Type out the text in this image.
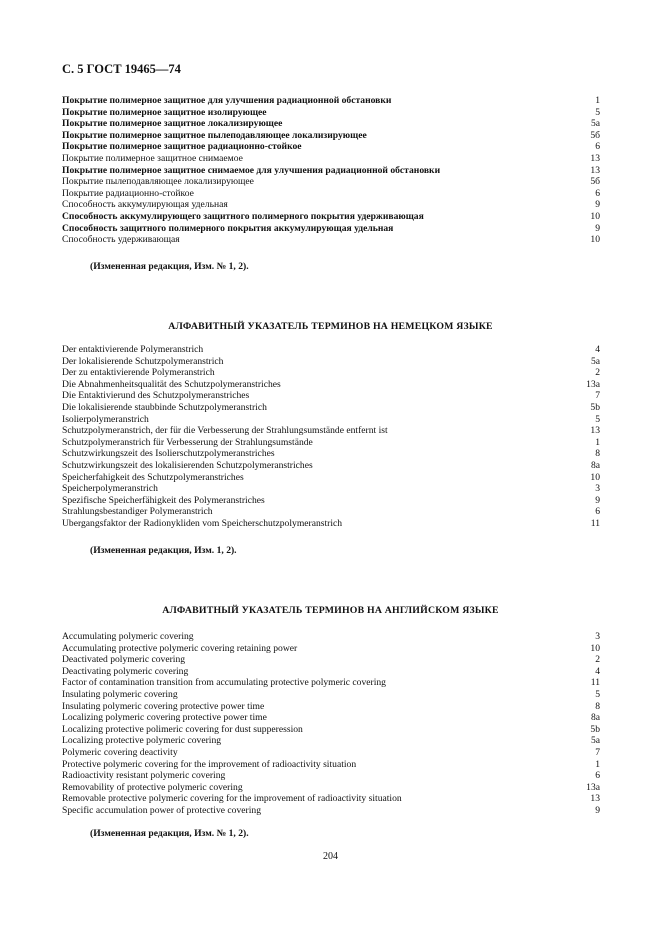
С. 5 ГОСТ 19465—74
Покрытие полимерное защитное для улучшения радиационной обстановки	1
Покрытие полимерное защитное изолирующее	5
Покрытие полимерное защитное локализирующее	5а
Покрытие полимерное защитное пылеподавляющее локализирующее	5б
Покрытие полимерное защитное радиационно-стойкое	6
Покрытие полимерное защитное снимаемое	13
Покрытие полимерное защитное снимаемое для улучшения радиационной обстановки	13
Покрытие пылеподавляющее локализирующее	5б
Покрытие радиационно-стойкое	6
Способность аккумулирующая удельная	9
Способность аккумулирующего защитного полимерного покрытия удерживающая	10
Способность защитного полимерного покрытия аккумулирующая удельная	9
Способность удерживающая	10
(Измененная редакция, Изм. № 1, 2).
АЛФАВИТНЫЙ УКАЗАТЕЛЬ ТЕРМИНОВ НА НЕМЕЦКОМ ЯЗЫКЕ
Der entaktivierende Polymeranstrich	4
Der lokalisierende Schutzpolymeranstrich	5a
Der zu entaktivierende Polymeranstrich	2
Die Abnahmenheitsqualität des Schutzpolymeranstriches	13a
Die Entaktivierund des Schutzpolymeranstriches	7
Die lokalisierende staubbinde Schutzpolymeranstrich	5b
Isolierpolymeranstrich	5
Schutzpolymeranstrich, der für die Verbesserung der Strahlungsumstände entfernt ist	13
Schutzpolymeranstrich für Verbesserung der Strahlungsumstände	1
Schutzwirkungszeit des Isolierschutzpolymeranstriches	8
Schutzwirkungszeit des lokalisierenden Schutzpolymeranstriches	8a
Speicherfahigkeit des Schutzpolymeranstriches	10
Speicherpolymeranstrich	3
Spezifische Speicherfähigkeit des Polymeranstriches	9
Strahlungsbestandiger Polymeranstrich	6
Ubergangsfaktor der Radionykliden vom Speicherschutzpolymeranstrich	11
(Измененная редакция, Изм. 1, 2).
АЛФАВИТНЫЙ УКАЗАТЕЛЬ ТЕРМИНОВ НА АНГЛИЙСКОМ ЯЗЫКЕ
Accumulating polymeric covering	3
Accumulating protective polymeric covering retaining power	10
Deactivated polymeric covering	2
Deactivating polymeric covering	4
Factor of contamination transition from accumulating protective polymeric covering	11
Insulating polymeric covering	5
Insulating polymeric covering protective power time	8
Localizing polymeric covering protective power time	8a
Localizing protective polimeric covering for dust supperession	5b
Localizing protective polymeric covering	5a
Polymeric covering deactivity	7
Protective polymeric covering for the improvement of radioactivity situation	1
Radioactivity resistant polymeric covering	6
Removability of protective polymeric covering	13a
Removable protective polymeric covering for the improvement of radioactivity situation	13
Specific accumulation power of protective covering	9
(Измененная редакция, Изм. № 1, 2).
204
